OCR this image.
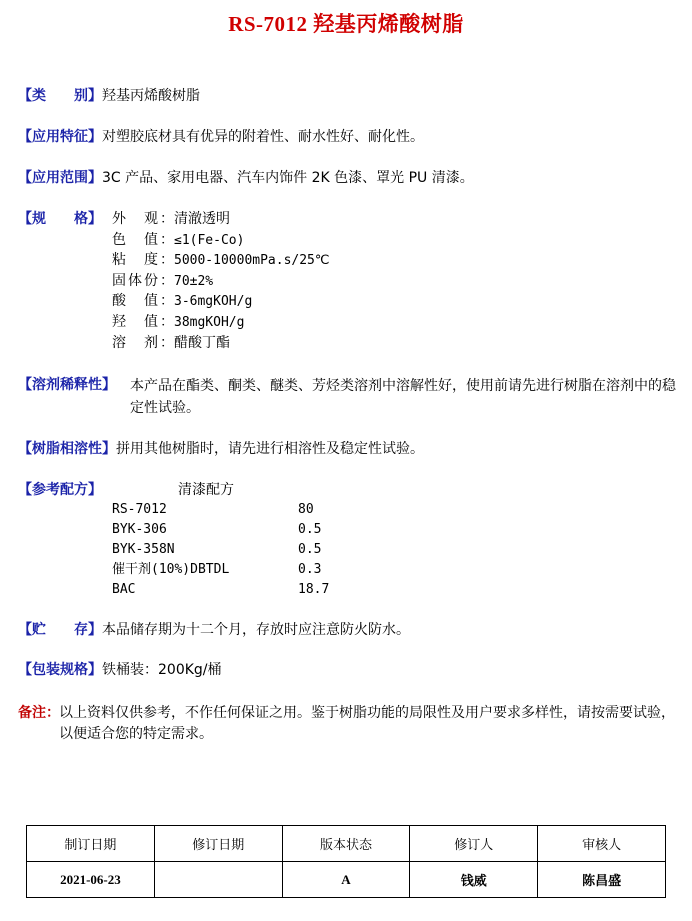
RS-7012 羟基丙烯酸树脂
【类　　别】羟基丙烯酸树脂
【应用特征】对塑胶底材具有优异的附着性、耐水性好、耐化性。
【应用范围】3C 产品、家用电器、汽车内饰件 2K 色漆、罩光 PU 清漆。
【规　　格】 外　观：清澈透明
色　值：≤1(Fe-Co)
粘　度：5000-10000mPa.s/25℃
固体份：70±2%
酸　值：3-6mgKOH/g
羟　值：38mgKOH/g
溶　剂：醋酸丁酯
【溶剂稀释性】 本产品在酯类、酮类、醚类、芳烃类溶剂中溶解性好，使用前请先进行树脂在溶剂中的稳定性试验。
【树脂相溶性】拼用其他树脂时，请先进行相溶性及稳定性试验。
【参考配方】	清漆配方
RS-7012	80
BYK-306	0.5
BYK-358N	0.5
催干剂(10%)DBTDL	0.3
BAC	18.7
【贮　　存】本品储存期为十二个月，存放时应注意防火防水。
【包装规格】铁桶装：200Kg/桶
备注： 以上资料仅供参考，不作任何保证之用。鉴于树脂功能的局限性及用户要求多样性，请按需要试验，以便适合您的特定需求。
制订日期	修订日期	版本状态	修订人	审核人
2021-06-23		A	钱威	陈昌盛
